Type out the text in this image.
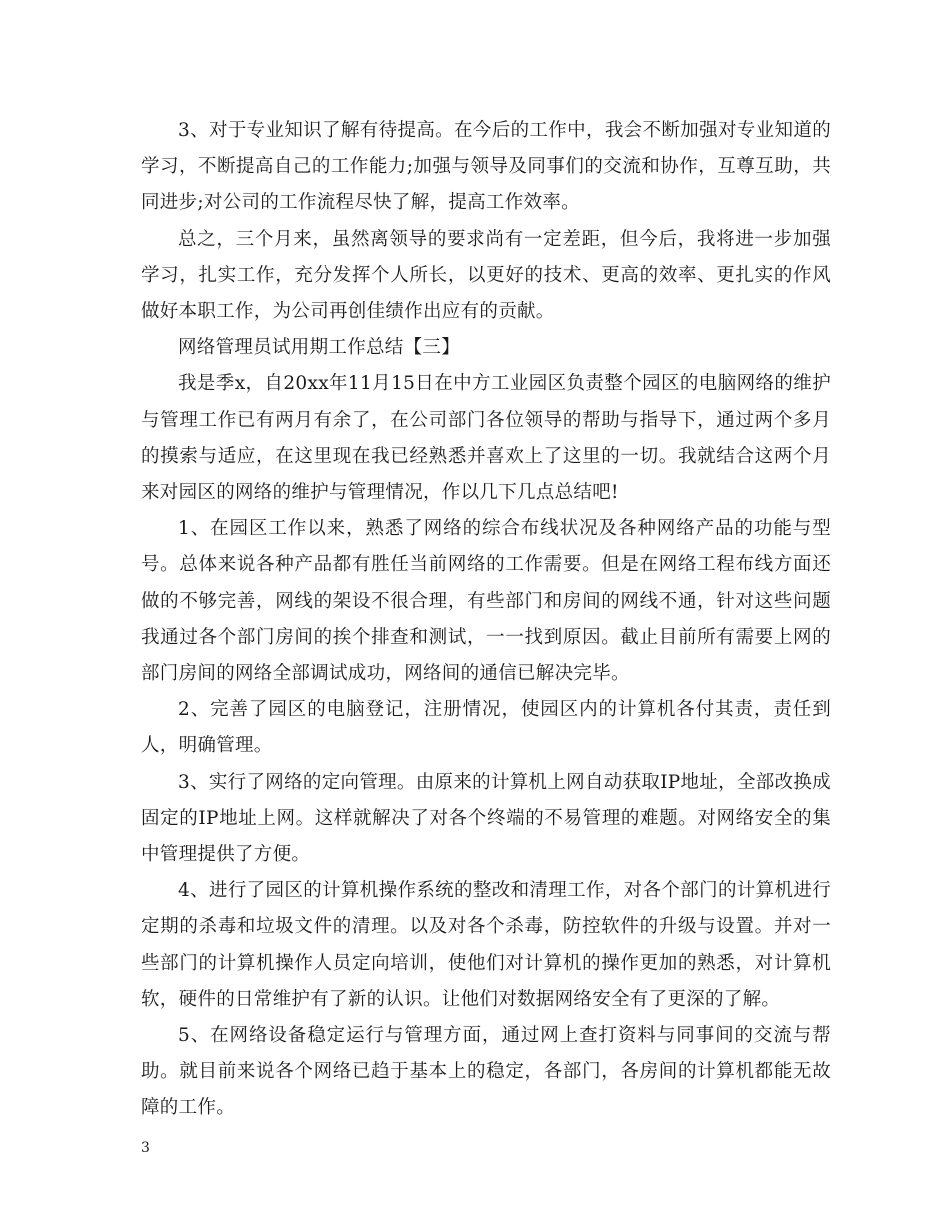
3、对于专业知识了解有待提高。在今后的工作中，我会不断加强对专业知道的学习，不断提高自己的工作能力;加强与领导及同事们的交流和协作，互尊互助，共同进步;对公司的工作流程尽快了解，提高工作效率。

总之，三个月来，虽然离领导的要求尚有一定差距，但今后，我将进一步加强学习，扎实工作，充分发挥个人所长，以更好的技术、更高的效率、更扎实的作风做好本职工作，为公司再创佳绩作出应有的贡献。

网络管理员试用期工作总结【三】

我是季x，自20xx年11月15日在中方工业园区负责整个园区的电脑网络的维护与管理工作已有两月有余了，在公司部门各位领导的帮助与指导下，通过两个多月的摸索与适应，在这里现在我已经熟悉并喜欢上了这里的一切。我就结合这两个月来对园区的网络的维护与管理情况，作以几下几点总结吧!

1、在园区工作以来，熟悉了网络的综合布线状况及各种网络产品的功能与型号。总体来说各种产品都有胜任当前网络的工作需要。但是在网络工程布线方面还做的不够完善，网线的架设不很合理，有些部门和房间的网线不通，针对这些问题我通过各个部门房间的挨个排查和测试，一一找到原因。截止目前所有需要上网的部门房间的网络全部调试成功，网络间的通信已解决完毕。

2、完善了园区的电脑登记，注册情况，使园区内的计算机各付其责，责任到人，明确管理。

3、实行了网络的定向管理。由原来的计算机上网自动获取IP地址，全部改换成固定的IP地址上网。这样就解决了对各个终端的不易管理的难题。对网络安全的集中管理提供了方便。

4、进行了园区的计算机操作系统的整改和清理工作，对各个部门的计算机进行定期的杀毒和垃圾文件的清理。以及对各个杀毒，防控软件的升级与设置。并对一些部门的计算机操作人员定向培训，使他们对计算机的操作更加的熟悉，对计算机软，硬件的日常维护有了新的认识。让他们对数据网络安全有了更深的了解。

5、在网络设备稳定运行与管理方面，通过网上查打资料与同事间的交流与帮助。就目前来说各个网络已趋于基本上的稳定，各部门，各房间的计算机都能无故障的工作。

3
